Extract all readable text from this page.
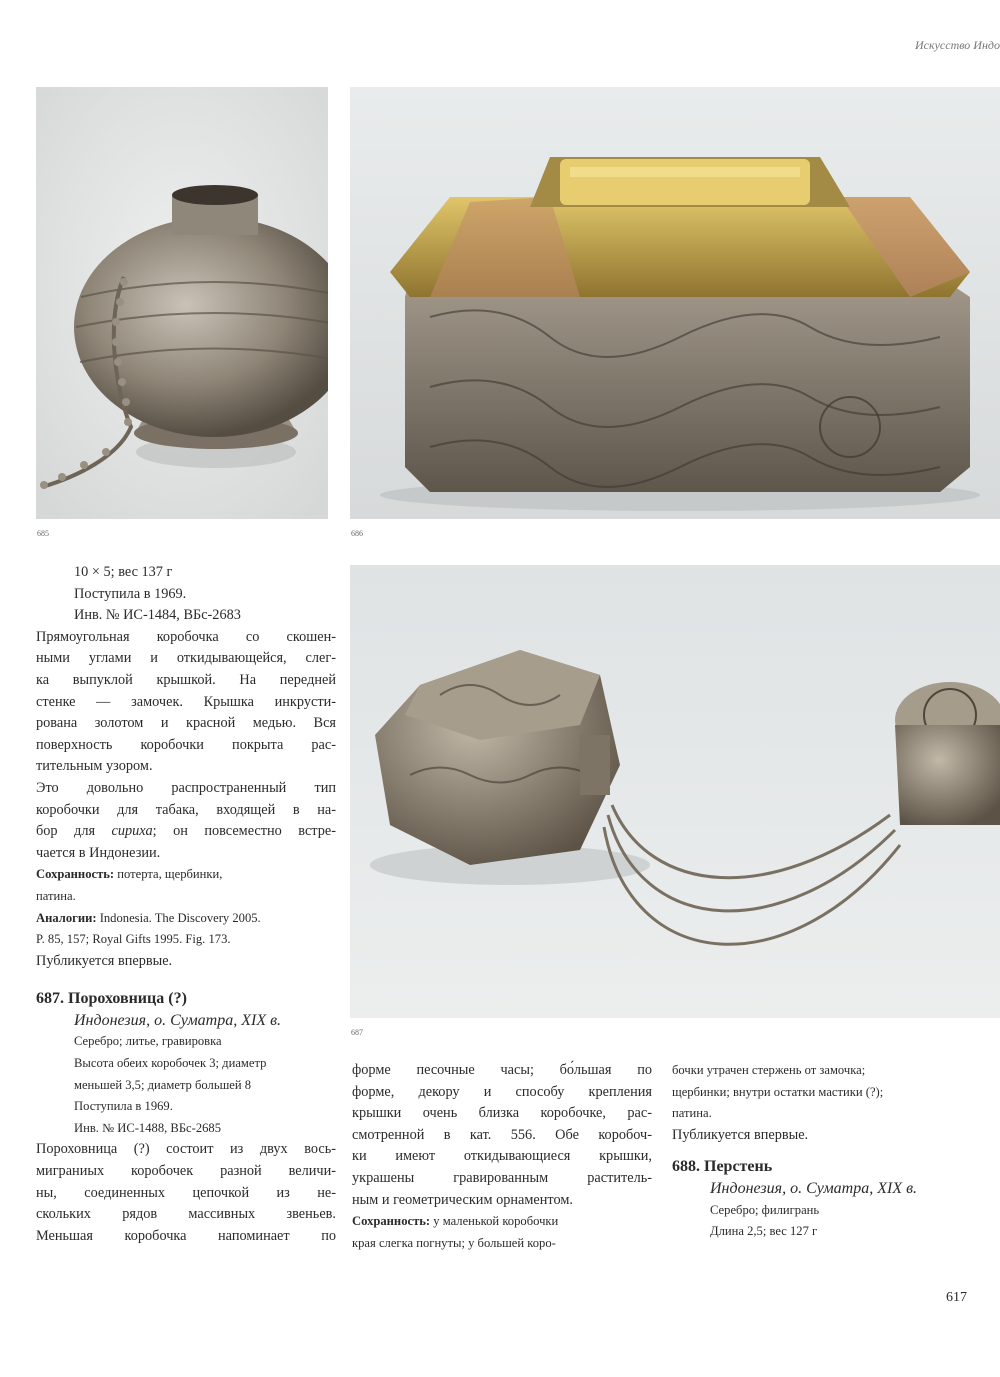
Искусство Индо
685	686
687

10 × 5; вес 137 г

Поступила в 1969.

Инв. № ИС-1484, ВБс-2683

Прямоугольная коробочка со скошен-

ными углами и откидывающейся, слег-

ка выпуклой крышкой. На передней

стенке — замочек. Крышка инкрусти-

рована золотом и красной медью. Вся

поверхность коробочки покрыта рас-

тительным узором.

Это довольно распространенный тип

коробочки для табака, входящей в на-

бор для сириха; он повсеместно встре-

чается в Индонезии.

Сохранность: потерта, щербинки,

патина.

Аналогии: Indonesia. The Discovery 2005.

P. 85, 157; Royal Gifts 1995. Fig. 173.

Публикуется впервые.

687. Пороховница (?)

Индонезия, о. Суматра, XIX в.

Серебро; литье, гравировка

Высота обеих коробочек 3; диаметр

меньшей 3,5; диаметр большей 8

Поступила в 1969.

Инв. № ИС-1488, ВБс-2685

Пороховница (?) состоит из двух вось-

миграниых коробочек разной величи-

ны, соединенных цепочкой из не-

скольких рядов массивных звеньев.

Меньшая коробочка напоминает по

форме песочные часы; бо́льшая по

форме, декору и способу крепления

крышки очень близка коробочке, рас-

смотренной в кат. 556. Обе коробоч-

ки имеют откидывающиеся крышки,

украшены гравированным раститель-

ным и геометрическим орнаментом.

Сохранность: у маленькой коробочки

края слегка погнуты; у большей коро-

бочки утрачен стержень от замочка;

щербинки; внутри остатки мастики (?);

патина.

Публикуется впервые.

688. Перстень

Индонезия, о. Суматра, XIX в.

Серебро; филигрань

Длина 2,5; вес 127 г

617
